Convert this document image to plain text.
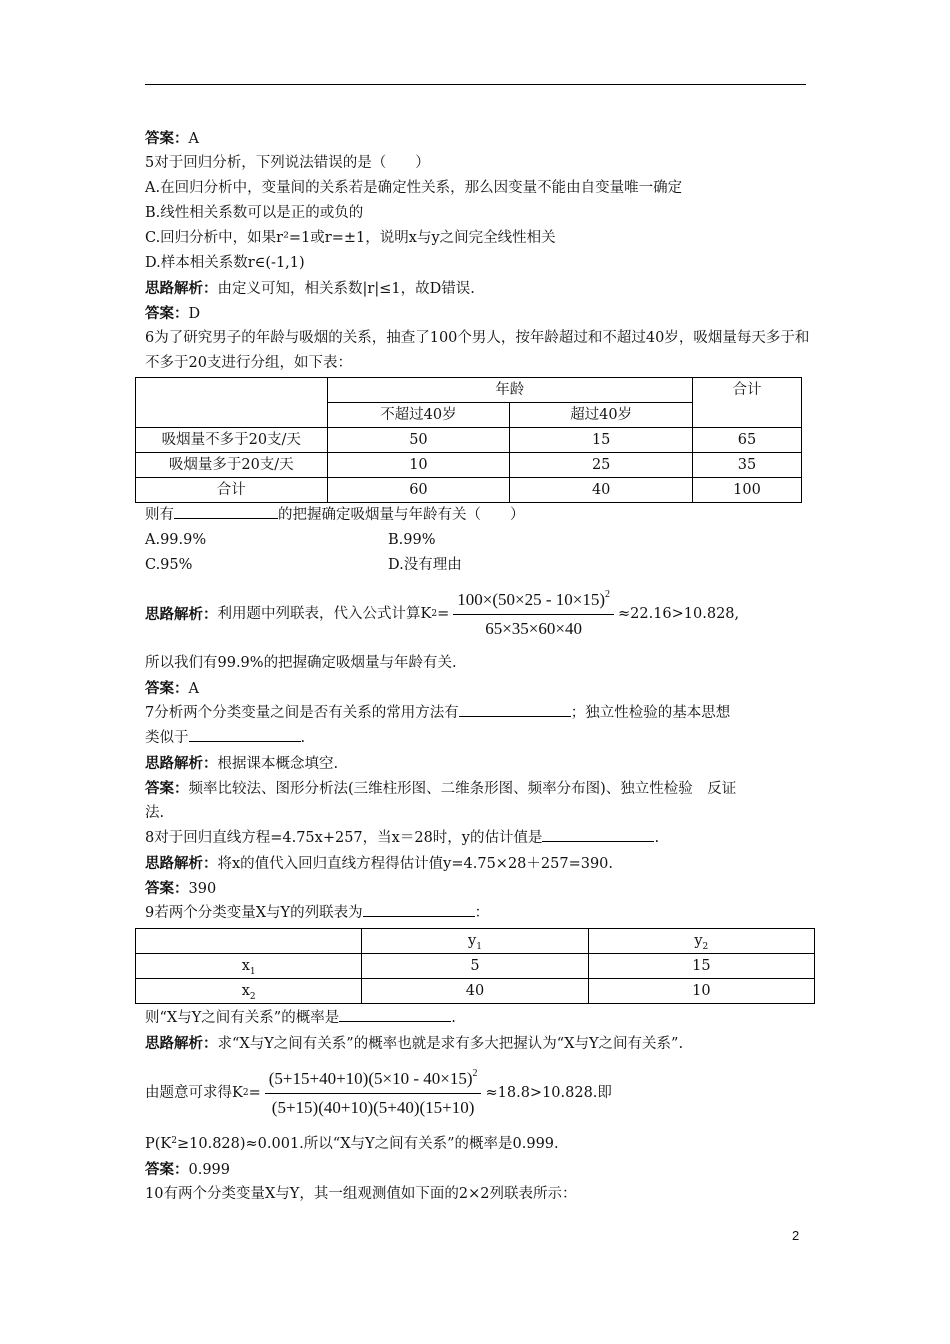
答案：A
5对于回归分析，下列说法错误的是（　　）
A.在回归分析中，变量间的关系若是确定性关系，那么因变量不能由自变量唯一确定
B.线性相关系数可以是正的或负的
C.回归分析中，如果r²=1或r=±1，说明x与y之间完全线性相关
D.样本相关系数r∈(-1,1)
思路解析：由定义可知，相关系数|r|≤1，故D错误.
答案：D
6为了研究男子的年龄与吸烟的关系，抽查了100个男人，按年龄超过和不超过40岁，吸烟量每天多于和不多于20支进行分组，如下表：
	年龄		合计
	不超过40岁	超过40岁	
吸烟量不多于20支/天	50	15	65
吸烟量多于20支/天	10	25	35
合计	60	40	100
则有	的把握确定吸烟量与年龄有关（　　）
A.99.9%	B.99%
C.95%	D.没有理由
思路解析： 利用题中列联表，代入公式计算K $2 = \frac{100\times(50\times 25 - 10\times 15)^2}{65\times 35\times 60\times 40} \approx 22.16>10.828$,
所以我们有99.9%的把握确定吸烟量与年龄有关.
答案：A
7分析两个分类变量之间是否有关系的常用方法有	；独立性检验的基本思想
类似于	.
思路解析：根据课本概念填空.
答案：频率比较法、图形分析法(三维柱形图、二维条形图、频率分布图)、独立性检验　反证
法.
8对于回归直线方程=4.75x+257，当x＝28时，y的估计值是	.
思路解析：将x的值代入回归直线方程得估计值y=4.75×28＋257=390.
答案：390
9若两个分类变量X与Y的列联表为	：
	$y_1$	$y_2$
$x_1$	5	15
$x_2$	40	10
则“X与Y之间有关系”的概率是	.
思路解析：求“X与Y之间有关系”的概率也就是求有多大把握认为“X与Y之间有关系”.
由题意可求得K $2 = \frac{(5+15+40+10)(5\times 10 - 40\times 15)^2}{(5+15)(40+10)(5+40)(15+10)} \approx 18.8>10.828$.即
$P(K^2\ge 10.828)\approx 0.001$.所以“X与Y之间有关系”的概率是0.999.
答案：0.999
10有两个分类变量X与Y，其一组观测值如下面的2×2列联表所示：
2
